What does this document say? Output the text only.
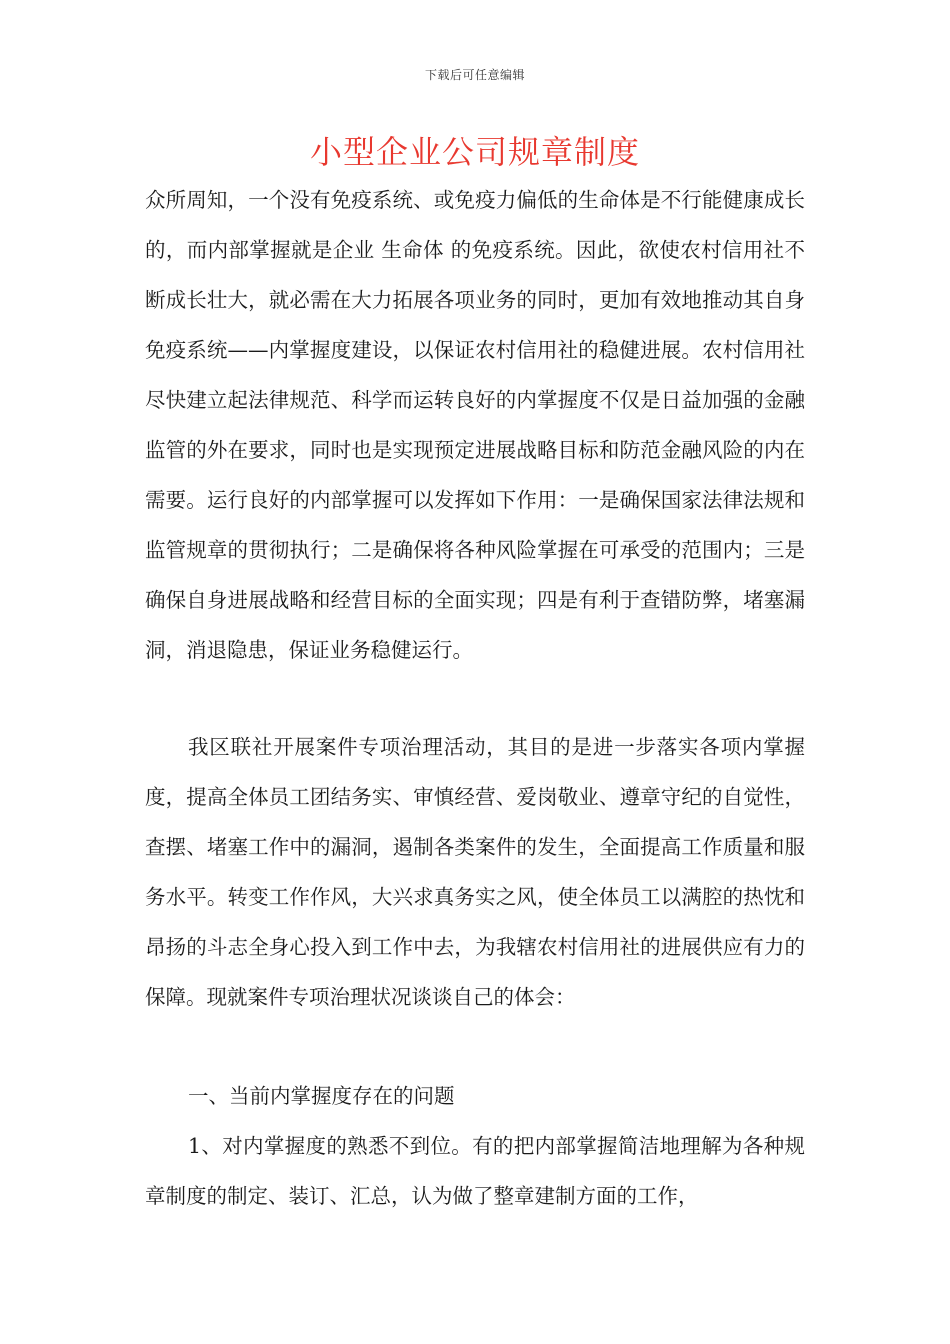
下载后可任意编辑
小型企业公司规章制度

众所周知，一个没有免疫系统、或免疫力偏低的生命体是不行能健康成长的，而内部掌握就是企业 生命体 的免疫系统。因此，欲使农村信用社不断成长壮大，就必需在大力拓展各项业务的同时，更加有效地推动其自身免疫系统——内掌握度建设，以保证农村信用社的稳健进展。农村信用社尽快建立起法律规范、科学而运转良好的内掌握度不仅是日益加强的金融监管的外在要求，同时也是实现预定进展战略目标和防范金融风险的内在需要。运行良好的内部掌握可以发挥如下作用：一是确保国家法律法规和监管规章的贯彻执行；二是确保将各种风险掌握在可承受的范围内；三是确保自身进展战略和经营目标的全面实现；四是有利于查错防弊，堵塞漏洞，消退隐患，保证业务稳健运行。

我区联社开展案件专项治理活动，其目的是进一步落实各项内掌握度，提高全体员工团结务实、审慎经营、爱岗敬业、遵章守纪的自觉性，查摆、堵塞工作中的漏洞，遏制各类案件的发生，全面提高工作质量和服务水平。转变工作作风，大兴求真务实之风，使全体员工以满腔的热忱和昂扬的斗志全身心投入到工作中去，为我辖农村信用社的进展供应有力的保障。现就案件专项治理状况谈谈自己的体会：

一、当前内掌握度存在的问题

1、对内掌握度的熟悉不到位。有的把内部掌握简洁地理解为各种规章制度的制定、装订、汇总，认为做了整章建制方面的工作，
